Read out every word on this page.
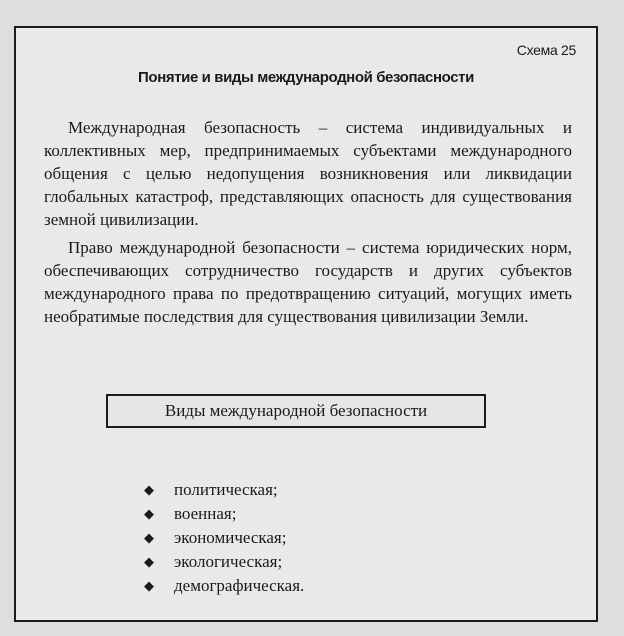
Схема 25
Понятие и виды международной безопасности

Международная безопасность – система индивидуальных и коллективных мер, предпринимаемых субъектами международного общения с целью недопущения возникновения или ликвидации глобальных катастроф, представляющих опасность для существования земной цивилизации.

Право международной безопасности – система юридических норм, обеспечивающих сотрудничество государств и других субъектов международного права по предотвращению ситуаций, могущих иметь необратимые последствия для существования цивилизации Земли.

Виды международной безопасности
◆	политическая;
◆	военная;
◆	экономическая;
◆	экологическая;
◆	демографическая.
